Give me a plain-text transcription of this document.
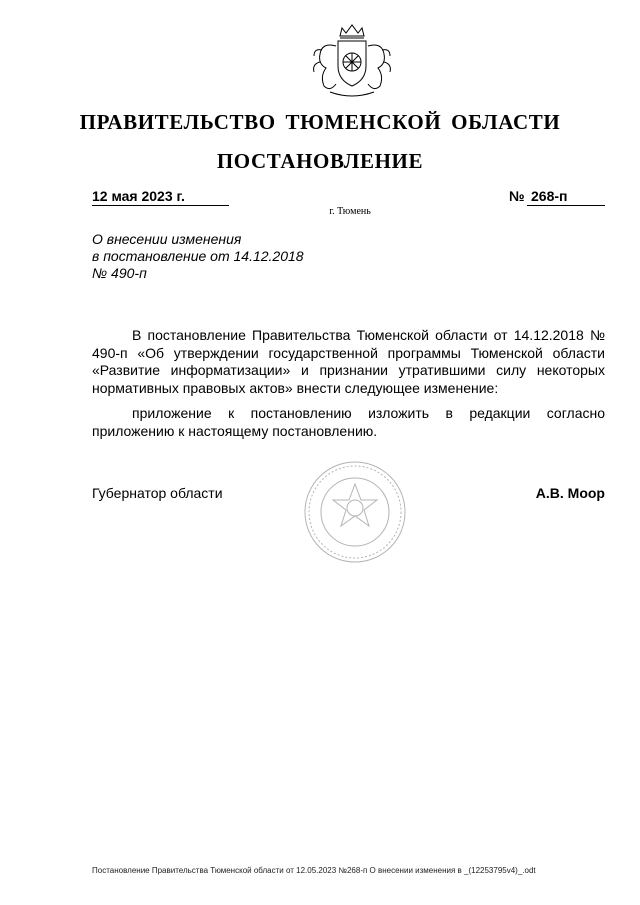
ПРАВИТЕЛЬСТВО ТЮМЕНСКОЙ ОБЛАСТИ
ПОСТАНОВЛЕНИЕ
12 мая 2023 г.	№ 268-п
г. Тюмень
О внесении изменения
в постановление от 14.12.2018
№ 490-п

В постановление Правительства Тюменской области от 14.12.2018 № 490-п «Об утверждении государственной программы Тюменской области «Развитие информатизации» и признании утратившими силу некоторых нормативных правовых актов» внести следующее изменение:

приложение к постановлению изложить в редакции согласно приложению к настоящему постановлению.

Губернатор области	А.В. Моор
Постановление Правительства Тюменской области от 12.05.2023 №268-п О внесении изменения в _(12253795v4)_.odt
